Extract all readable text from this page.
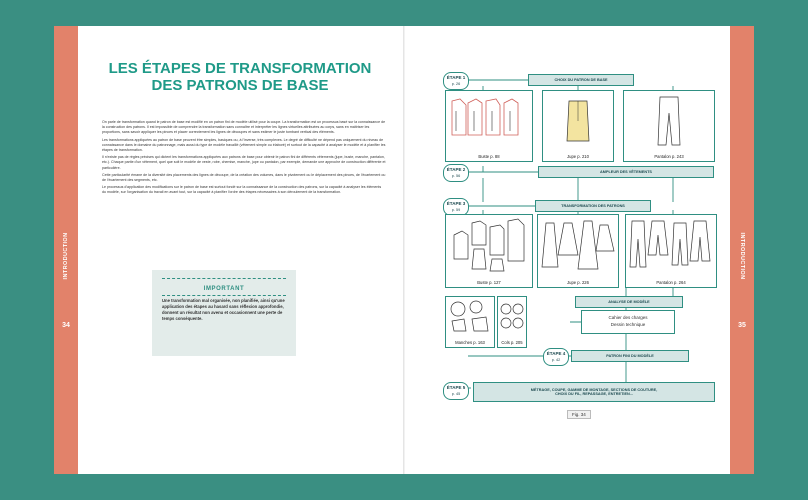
INTRODUCTION
34
LES ÉTAPES DE TRANSFORMATION
DES PATRONS DE BASE

On parle de transformation quand le patron de base est modifié en un patron fini de modèle utilisé pour la coupe. La transformation est un processus basé sur la connaissance de la construction des patrons. Il est impossible de comprendre la transformation sans connaître et interpréter les lignes virtuelles attribuées au corps, sans en maîtriser les proportions, sans savoir appliquer les pinces et placer correctement les lignes de découpes et sans estimer le juste tombant vertical des éléments.

Les transformations appliquées au patron de base peuvent être simples, basiques ou, à l'inverse, très complexes. Le degré de difficulté ne dépend pas uniquement du niveau de connaissance dans le domaine du patronnage, mais aussi du type de modèle travaillé (vêtement simple ou élaboré) et surtout de la capacité à analyser le modèle et à planifier les étapes de transformation.

Il n'existe pas de règles précises qui dictent les transformations appliquées aux patrons de base pour obtenir le patron fini de différents vêtements (jupe, buste, manche, pantalon, etc.). Chaque partie d'un vêtement, quel que soit le modèle de veste, robe, chemise, manche, jupe ou pantalon, par exemple, demande une approche de construction différente et particulière.

Cette particularité émane de la diversité des placements des lignes de découpe, de la création des volumes, dans le pivotement ou le déplacement des pinces, de l'écartement ou de l'écartement des segments, etc.

Le processus d'application des modifications sur le patron de base est surtout fondé sur la connaissance de la construction des patrons, sur la capacité à analyser les éléments du modèle, sur l'organisation du travail en avant tout, sur la capacité à planifier l'ordre des étapes nécessaires à son déroulement de la transformation.

IMPORTANT
Une transformation mal organisée, non planifiée, ainsi qu'une application des étapes au hasard sans réflexion approfondie, donnent un résultat non avenu et occasionnent une perte de temps conséquente.
INTRODUCTION
35
ÉTAPE 1
p. 26
ÉTAPE 2
p. 56
ÉTAPE 3
p. 59
ÉTAPE 4
p. 42
ÉTAPE 5
p. 45
CHOIX DU PATRON DE BASE
AMPLEUR DES VÊTEMENTS
TRANSFORMATION DES PATRONS
ANALYSE DE MODÈLE
PATRON FINI DU MODÈLE
MÉTRAGE, COUPE, GAMME DE MONTAGE, SECTIONS DE COUTURE,
CHOIX DU FIL, REPASSAGE, ENTRETIEN...
Buste p. 88	Jupe p. 210	Pantalon p. 243
Buste p. 127	Jupe p. 226	Pantalon p. 264
Manches p. 163	Cols p. 205
Cahier des charges
Dessin technique
Fig. 34
